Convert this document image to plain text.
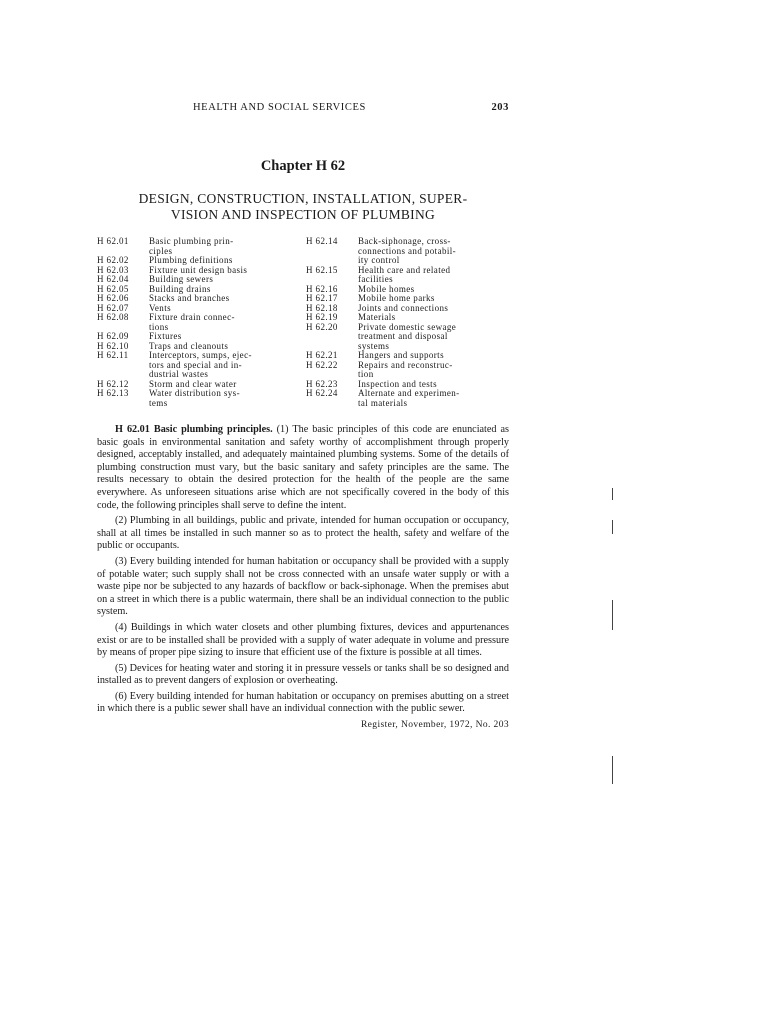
HEALTH AND SOCIAL SERVICES	203
Chapter H 62
DESIGN, CONSTRUCTION, INSTALLATION, SUPER-
VISION AND INSPECTION OF PLUMBING
H 62.01	Basic plumbing prin-
ciples
H 62.02	Plumbing definitions
H 62.03	Fixture unit design basis
H 62.04	Building sewers
H 62.05	Building drains
H 62.06	Stacks and branches
H 62.07	Vents
H 62.08	Fixture drain connec-
tions
H 62.09	Fixtures
H 62.10	Traps and cleanouts
H 62.11	Interceptors, sumps, ejec-
tors and special and in-
dustrial wastes
H 62.12	Storm and clear water
H 62.13	Water distribution sys-
tems
H 62.14	Back-siphonage, cross-
connections and potabil-
ity control
H 62.15	Health care and related
facilities
H 62.16	Mobile homes
H 62.17	Mobile home parks
H 62.18	Joints and connections
H 62.19	Materials
H 62.20	Private domestic sewage
treatment and disposal
systems
H 62.21	Hangers and supports
H 62.22	Repairs and reconstruc-
tion
H 62.23	Inspection and tests
H 62.24	Alternate and experimen-
tal materials

H 62.01 Basic plumbing principles. (1) The basic principles of this code are enunciated as basic goals in environmental sanitation and safety worthy of accomplishment through properly designed, acceptably installed, and adequately maintained plumbing systems. Some of the details of plumbing construction must vary, but the basic sanitary and safety principles are the same. The results necessary to obtain the desired protection for the health of the people are the same everywhere. As unforeseen situations arise which are not specifically covered in the body of this code, the following principles shall serve to define the intent.

(2) Plumbing in all buildings, public and private, intended for human occupation or occupancy, shall at all times be installed in such manner so as to protect the health, safety and welfare of the public or occupants.

(3) Every building intended for human habitation or occupancy shall be provided with a supply of potable water; such supply shall not be cross connected with an unsafe water supply or with a waste pipe nor be subjected to any hazards of backflow or back-siphonage. When the premises abut on a street in which there is a public watermain, there shall be an individual connection to the public system.

(4) Buildings in which water closets and other plumbing fixtures, devices and appurtenances exist or are to be installed shall be provided with a supply of water adequate in volume and pressure by means of proper pipe sizing to insure that efficient use of the fixture is possible at all times.

(5) Devices for heating water and storing it in pressure vessels or tanks shall be so designed and installed as to prevent dangers of explosion or overheating.

(6) Every building intended for human habitation or occupancy on premises abutting on a street in which there is a public sewer shall have an individual connection with the public sewer.

Register, November, 1972, No. 203
